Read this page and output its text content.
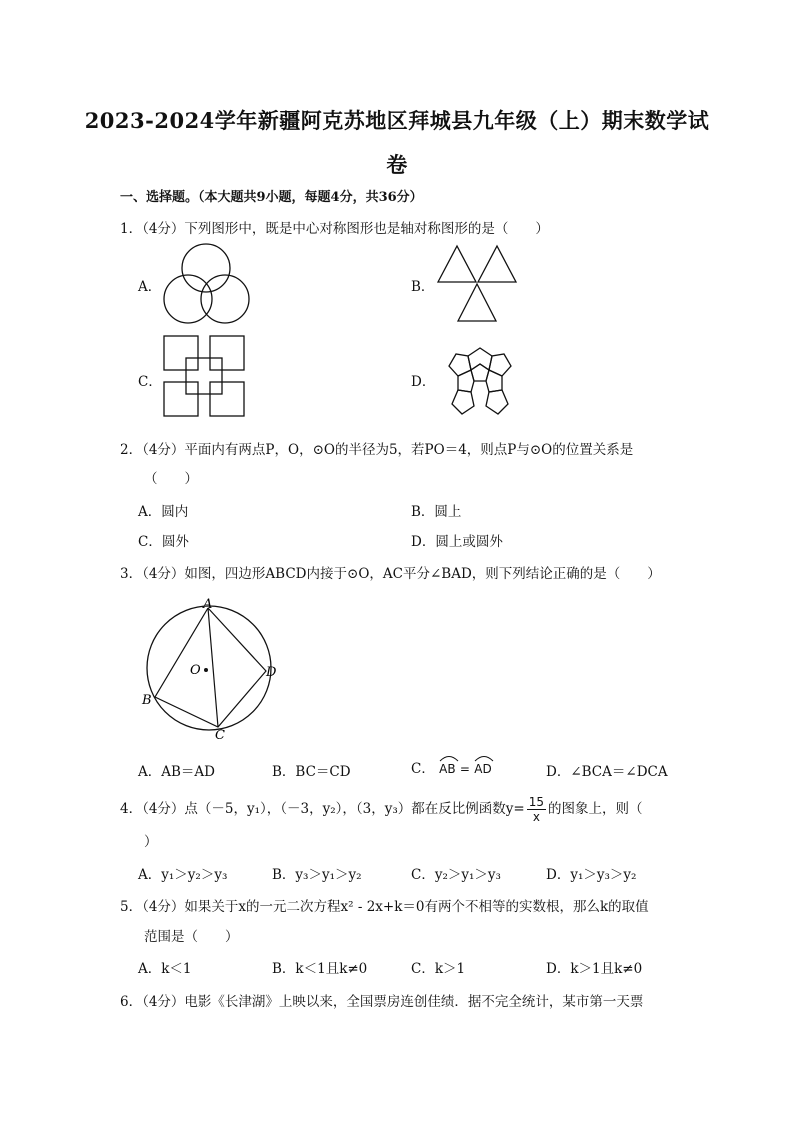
2023-2024学年新疆阿克苏地区拜城县九年级（上）期末数学试
卷
一、选择题。（本大题共9小题，每题4分，共36分）
1．（4分）下列图形中，既是中心对称图形也是轴对称图形的是（　　）
A．	B．
C．	D．
2．（4分）平面内有两点P，O，⊙O的半径为5，若PO＝4，则点P与⊙O的位置关系是
（　　）
A．圆内	B．圆上
C．圆外	D．圆上或圆外
3．（4分）如图，四边形ABCD内接于⊙O，AC平分∠BAD，则下列结论正确的是（　　）
A
B
C
D
O
A．AB＝AD	B．BC＝CD	C． AB = AD	D．∠BCA＝∠DCA
4．（4分）点（－5，y₁），（－3，y₂），（3，y₃）都在反比例函数$y= \frac{15}{x}$ 的图象上，则（
）
A．y₁＞y₂＞y₃	B．y₃＞y₁＞y₂	C．y₂＞y₁＞y₃	D．y₁＞y₃＞y₂
5．（4分）如果关于x的一元二次方程x² - 2x+k＝0有两个不相等的实数根，那么k的取值
范围是（　　）
A．k＜1	B．k＜1且k≠0	C．k＞1	D．k＞1且k≠0
6．（4分）电影《长津湖》上映以来，全国票房连创佳绩．据不完全统计，某市第一天票
